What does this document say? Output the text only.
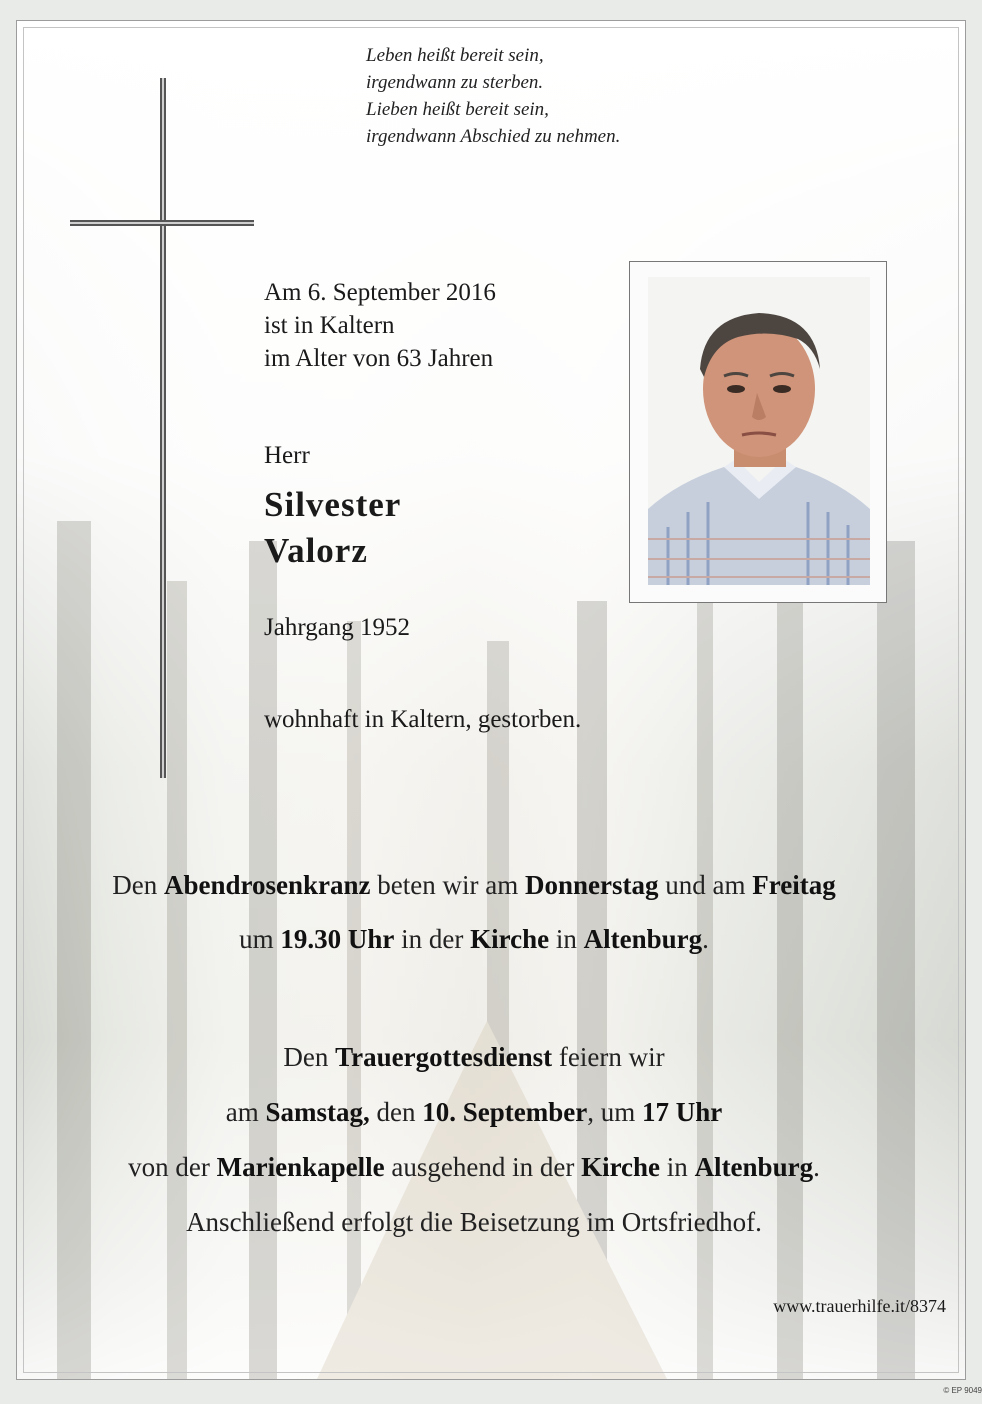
Leben heißt bereit sein,
irgendwann zu sterben.
Lieben heißt bereit sein,
irgendwann Abschied zu nehmen.
Am 6. September 2016
ist in Kaltern
im Alter von 63 Jahren
Herr
Silvester
Valorz
Jahrgang 1952
wohnhaft in Kaltern, gestorben.
Den Abendrosenkranz beten wir am Donnerstag und am Freitag
um 19.30 Uhr in der Kirche in Altenburg.
Den Trauergottesdienst feiern wir
am Samstag, den 10. September, um 17 Uhr
von der Marienkapelle ausgehend in der Kirche in Altenburg.
Anschließend erfolgt die Beisetzung im Ortsfriedhof.
www.trauerhilfe.it/8374
© EP 9049
